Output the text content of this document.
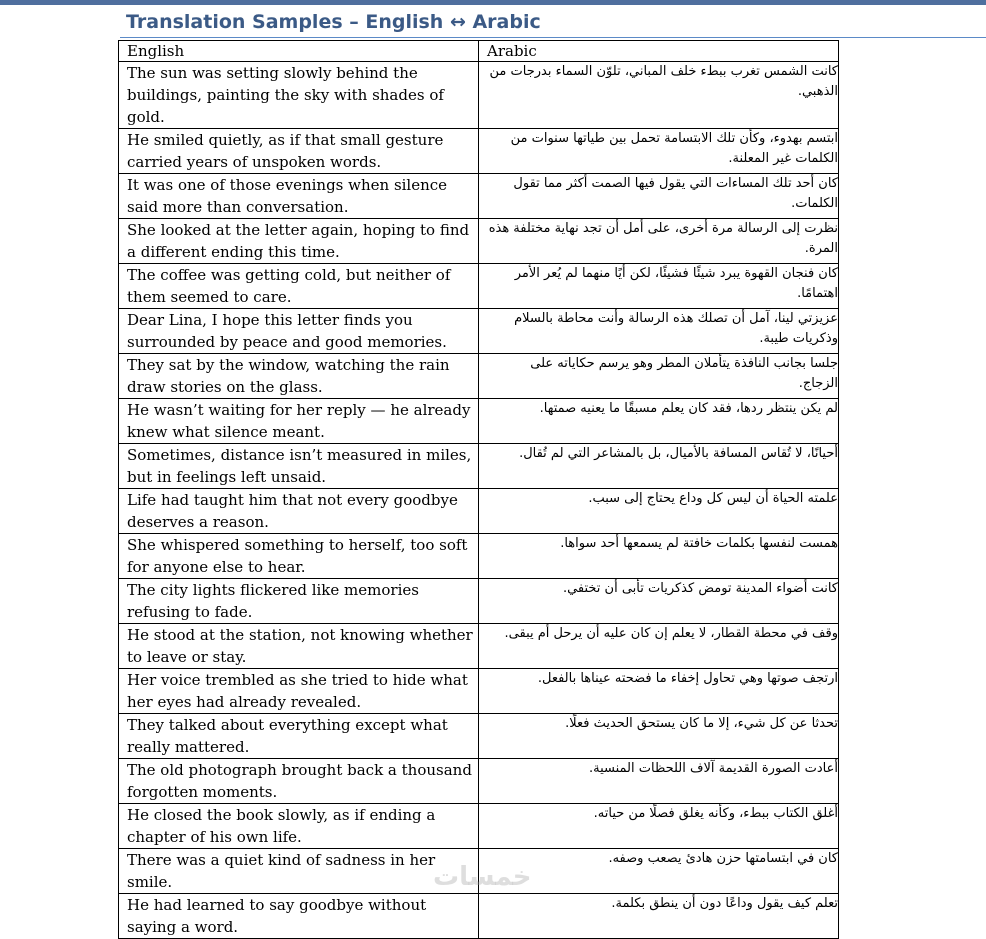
Translation Samples – English ↔ Arabic
English	Arabic
The sun was setting slowly behind the buildings, painting the sky with shades of gold.	كانت الشمس تغرب ببطء خلف المباني، تلوّن السماء بدرجات من الذهبي.

He smiled quietly, as if that small gesture carried years of unspoken words.	ابتسم بهدوء، وكأن تلك الابتسامة تحمل بين طياتها سنوات من الكلمات غير المعلنة.

It was one of those evenings when silence said more than conversation.	كان أحد تلك المساءات التي يقول فيها الصمت أكثر مما تقول الكلمات.

She looked at the letter again, hoping to find a different ending this time.	نظرت إلى الرسالة مرة أخرى، على أمل أن تجد نهاية مختلفة هذه المرة.

The coffee was getting cold, but neither of them seemed to care.	كان فنجان القهوة يبرد شيئًا فشيئًا، لكن أيًا منهما لم يُعر الأمر اهتمامًا.

Dear Lina, I hope this letter finds you surrounded by peace and good memories.	عزيزتي لينا، آمل أن تصلك هذه الرسالة وأنت محاطة بالسلام وذكريات طيبة.

They sat by the window, watching the rain draw stories on the glass.	جلسا بجانب النافذة يتأملان المطر وهو يرسم حكاياته على الزجاج.

He wasn’t waiting for her reply — he already knew what silence meant.	لم يكن ينتظر ردها، فقد كان يعلم مسبقًا ما يعنيه صمتها.

Sometimes, distance isn’t measured in miles, but in feelings left unsaid.	أحيانًا، لا تُقاس المسافة بالأميال، بل بالمشاعر التي لم تُقال.

Life had taught him that not every goodbye deserves a reason.	علمته الحياة أن ليس كل وداع يحتاج إلى سبب.

She whispered something to herself, too soft for anyone else to hear.	همست لنفسها بكلمات خافتة لم يسمعها أحد سواها.

The city lights flickered like memories refusing to fade.	كانت أضواء المدينة تومض كذكريات تأبى أن تختفي.

He stood at the station, not knowing whether to leave or stay.	وقف في محطة القطار، لا يعلم إن كان عليه أن يرحل أم يبقى.

Her voice trembled as she tried to hide what her eyes had already revealed.	ارتجف صوتها وهي تحاول إخفاء ما فضحته عيناها بالفعل.

They talked about everything except what really mattered.	تحدثا عن كل شيء، إلا ما كان يستحق الحديث فعلًا.

The old photograph brought back a thousand forgotten moments.	أعادت الصورة القديمة آلاف اللحظات المنسية.

He closed the book slowly, as if ending a chapter of his own life.	أغلق الكتاب ببطء، وكأنه يغلق فصلًا من حياته.

There was a quiet kind of sadness in her smile.	كان في ابتسامتها حزن هادئ يصعب وصفه.

He had learned to say goodbye without saying a word.	تعلم كيف يقول وداعًا دون أن ينطق بكلمة.
خمسات
